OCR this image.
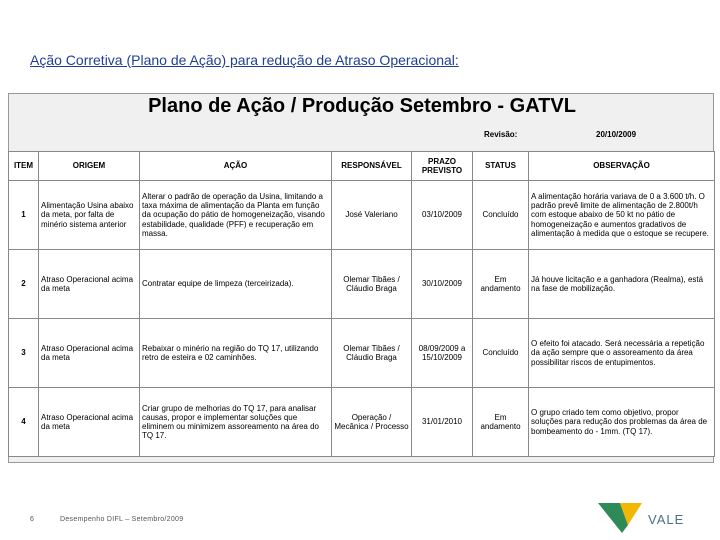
Ação Corretiva (Plano de Ação) para redução de Atraso Operacional:
Plano de Ação / Produção Setembro - GATVL
Revisão:	20/10/2009
ITEM	ORIGEM	AÇÃO	RESPONSÁVEL	PRAZO PREVISTO	STATUS	OBSERVAÇÃO
1	Alimentação Usina abaixo da meta, por falta de minério sistema anterior	Alterar o padrão de operação da Usina, limitando a taxa máxima de alimentação da Planta em função da ocupação do pátio de homogeneização, visando estabilidade, qualidade (PFF) e recuperação em massa.	José Valeriano	03/10/2009	Concluído	A alimentação horária variava de 0 a 3.600 t/h. O padrão prevê limite de alimentação de 2.800t/h com estoque abaixo de 50 kt no pátio de homogeneização e aumentos gradativos de alimentação à medida que o estoque se recupere.
2	Atraso Operacional acima da meta	Contratar equipe de limpeza (terceirizada).	Olemar Tibães / Cláudio Braga	30/10/2009	Em andamento	Já houve licitação e a ganhadora (Realma), está na fase de mobilização.
3	Atraso Operacional acima da meta	Rebaixar o minério na região do TQ 17, utilizando retro de esteira e 02 caminhões.	Olemar Tibães / Cláudio Braga	08/09/2009 a 15/10/2009	Concluído	O efeito foi atacado. Será necessária a repetição da ação sempre que o assoreamento da área possibilitar riscos de entupimentos.
4	Atraso Operacional acima da meta	Criar grupo de melhorias do TQ 17, para analisar causas, propor e implementar soluções que eliminem ou minimizem assoreamento na área do TQ 17.	Operação / Mecânica / Processo	31/01/2010	Em andamento	O grupo criado tem como objetivo, propor soluções para redução dos problemas da área de bombeamento do - 1mm. (TQ 17).
6	Desempenho DIFL – Setembro/2009	VALE
